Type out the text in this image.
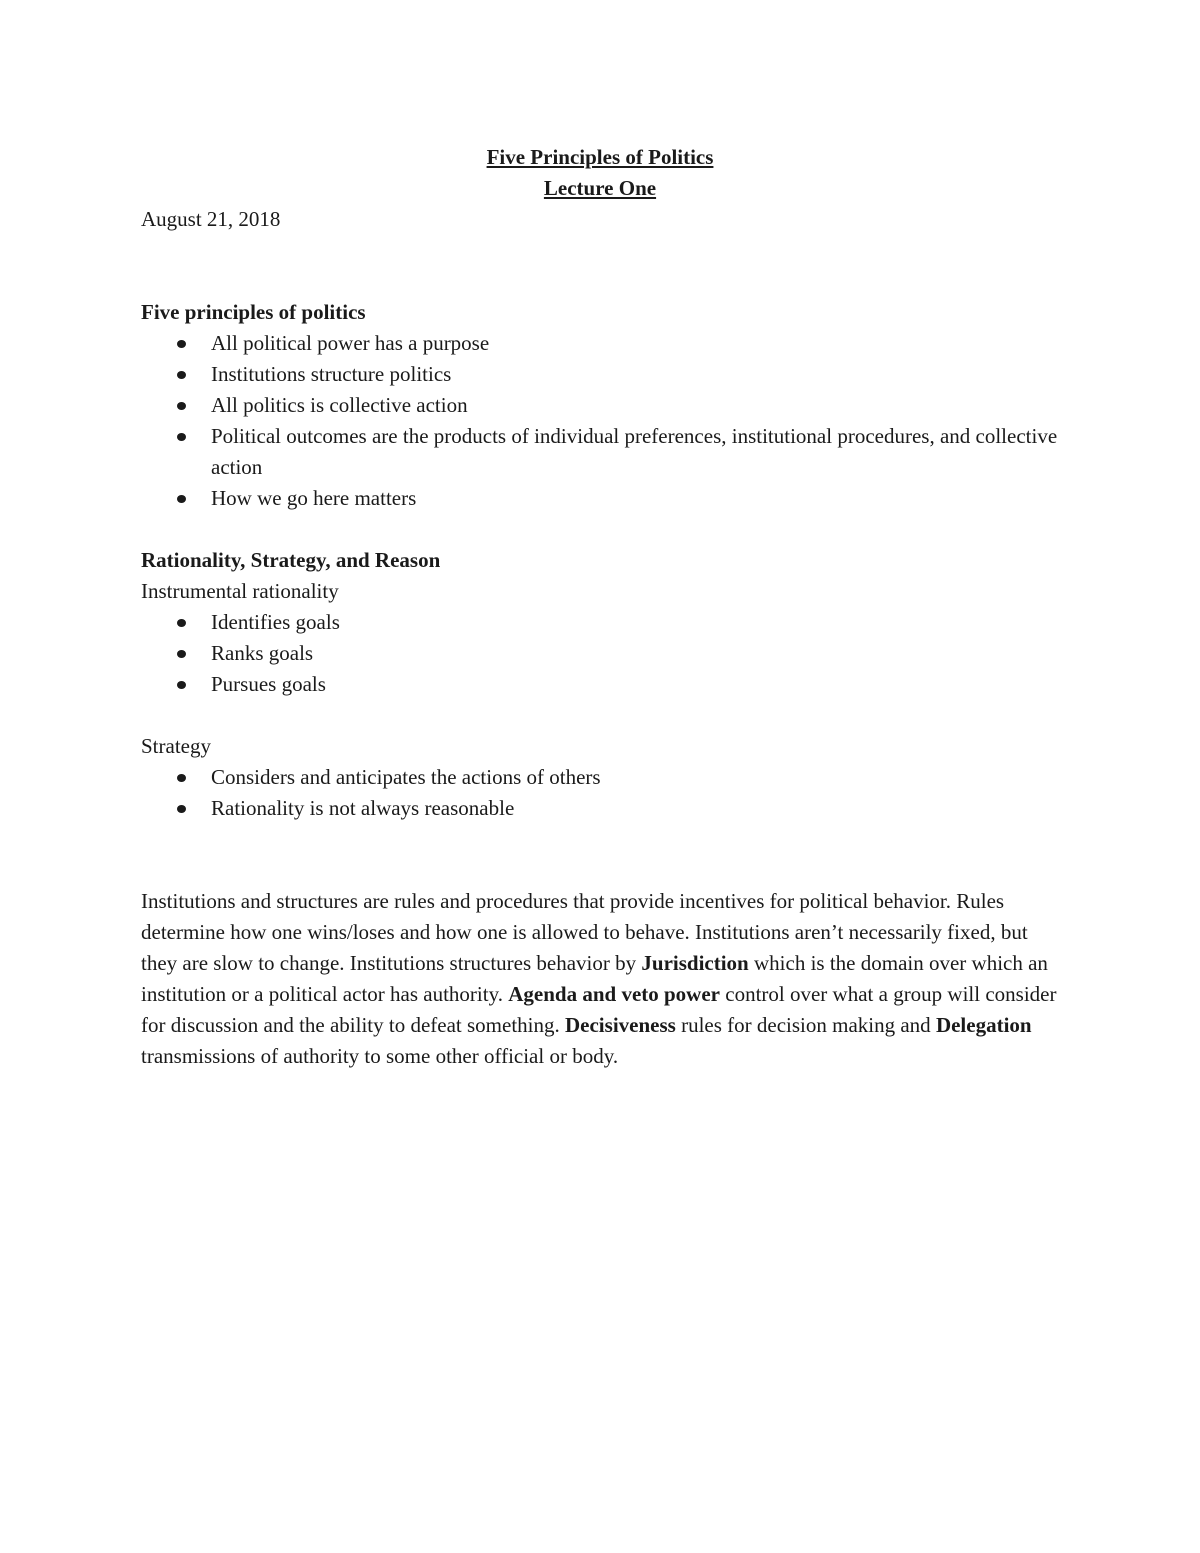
Five Principles of Politics
Lecture One
August 21, 2018
Five principles of politics
All political power has a purpose
Institutions structure politics
All politics is collective action
Political outcomes are the products of individual preferences, institutional procedures, and collective action
How we go here matters
Rationality, Strategy, and Reason
Instrumental rationality
Identifies goals
Ranks goals
Pursues goals
Strategy
Considers and anticipates the actions of others
Rationality is not always reasonable
Institutions and structures are rules and procedures that provide incentives for political behavior. Rules determine how one wins/loses and how one is allowed to behave. Institutions aren’t necessarily fixed, but they are slow to change. Institutions structures behavior by Jurisdiction which is the domain over which an institution or a political actor has authority. Agenda and veto power control over what a group will consider for discussion and the ability to defeat something. Decisiveness rules for decision making and Delegation transmissions of authority to some other official or body.
